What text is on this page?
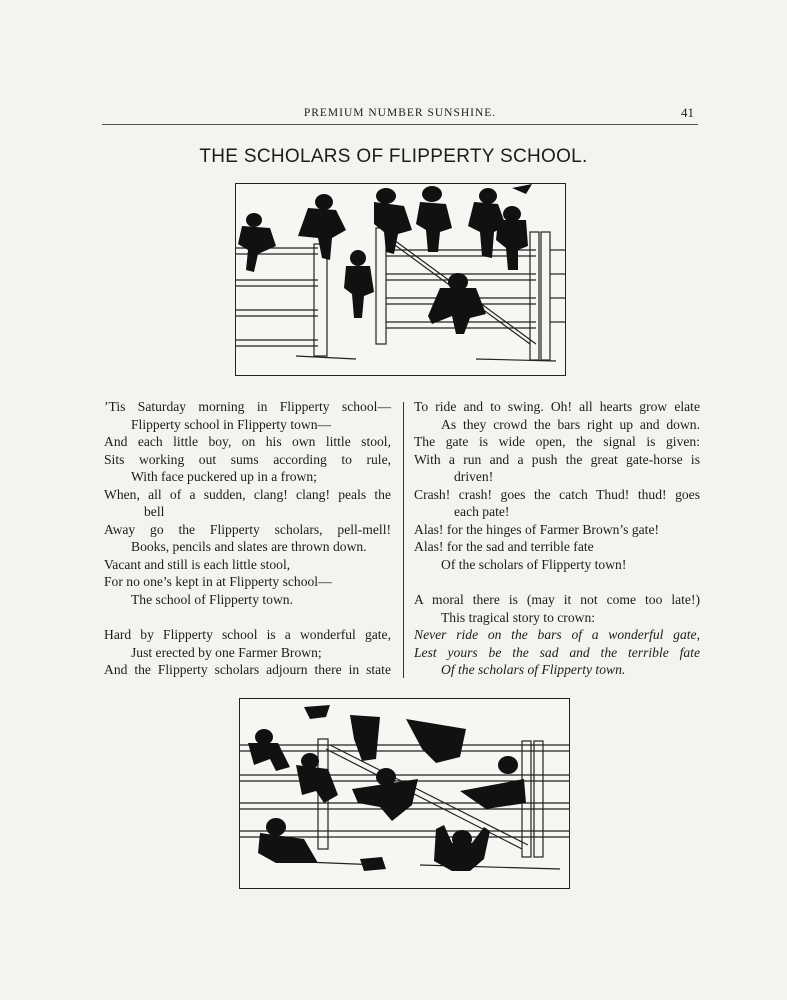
PREMIUM NUMBER SUNSHINE.	41
THE SCHOLARS OF FLIPPERTY SCHOOL.
’Tis Saturday morning in Flipperty school—
Flipperty school in Flipperty town—
And each little boy, on his own little stool,
Sits working out sums according to rule,
With face puckered up in a frown;
When, all of a sudden, clang! clang! peals the
bell
Away go the Flipperty scholars, pell-mell!
Books, pencils and slates are thrown down.
Vacant and still is each little stool,
For no one’s kept in at Flipperty school—
The school of Flipperty town.
Hard by Flipperty school is a wonderful gate,
Just erected by one Farmer Brown;
And the Flipperty scholars adjourn there in state
To ride and to swing. Oh! all hearts grow elate
As they crowd the bars right up and down.
The gate is wide open, the signal is given:
With a run and a push the great gate-horse is
driven!
Crash! crash! goes the catch Thud! thud! goes
each pate!
Alas! for the hinges of Farmer Brown’s gate!
Alas! for the sad and terrible fate
Of the scholars of Flipperty town!
A moral there is (may it not come too late!)
This tragical story to crown:
Never ride on the bars of a wonderful gate,
Lest yours be the sad and the terrible fate
Of the scholars of Flipperty town.
